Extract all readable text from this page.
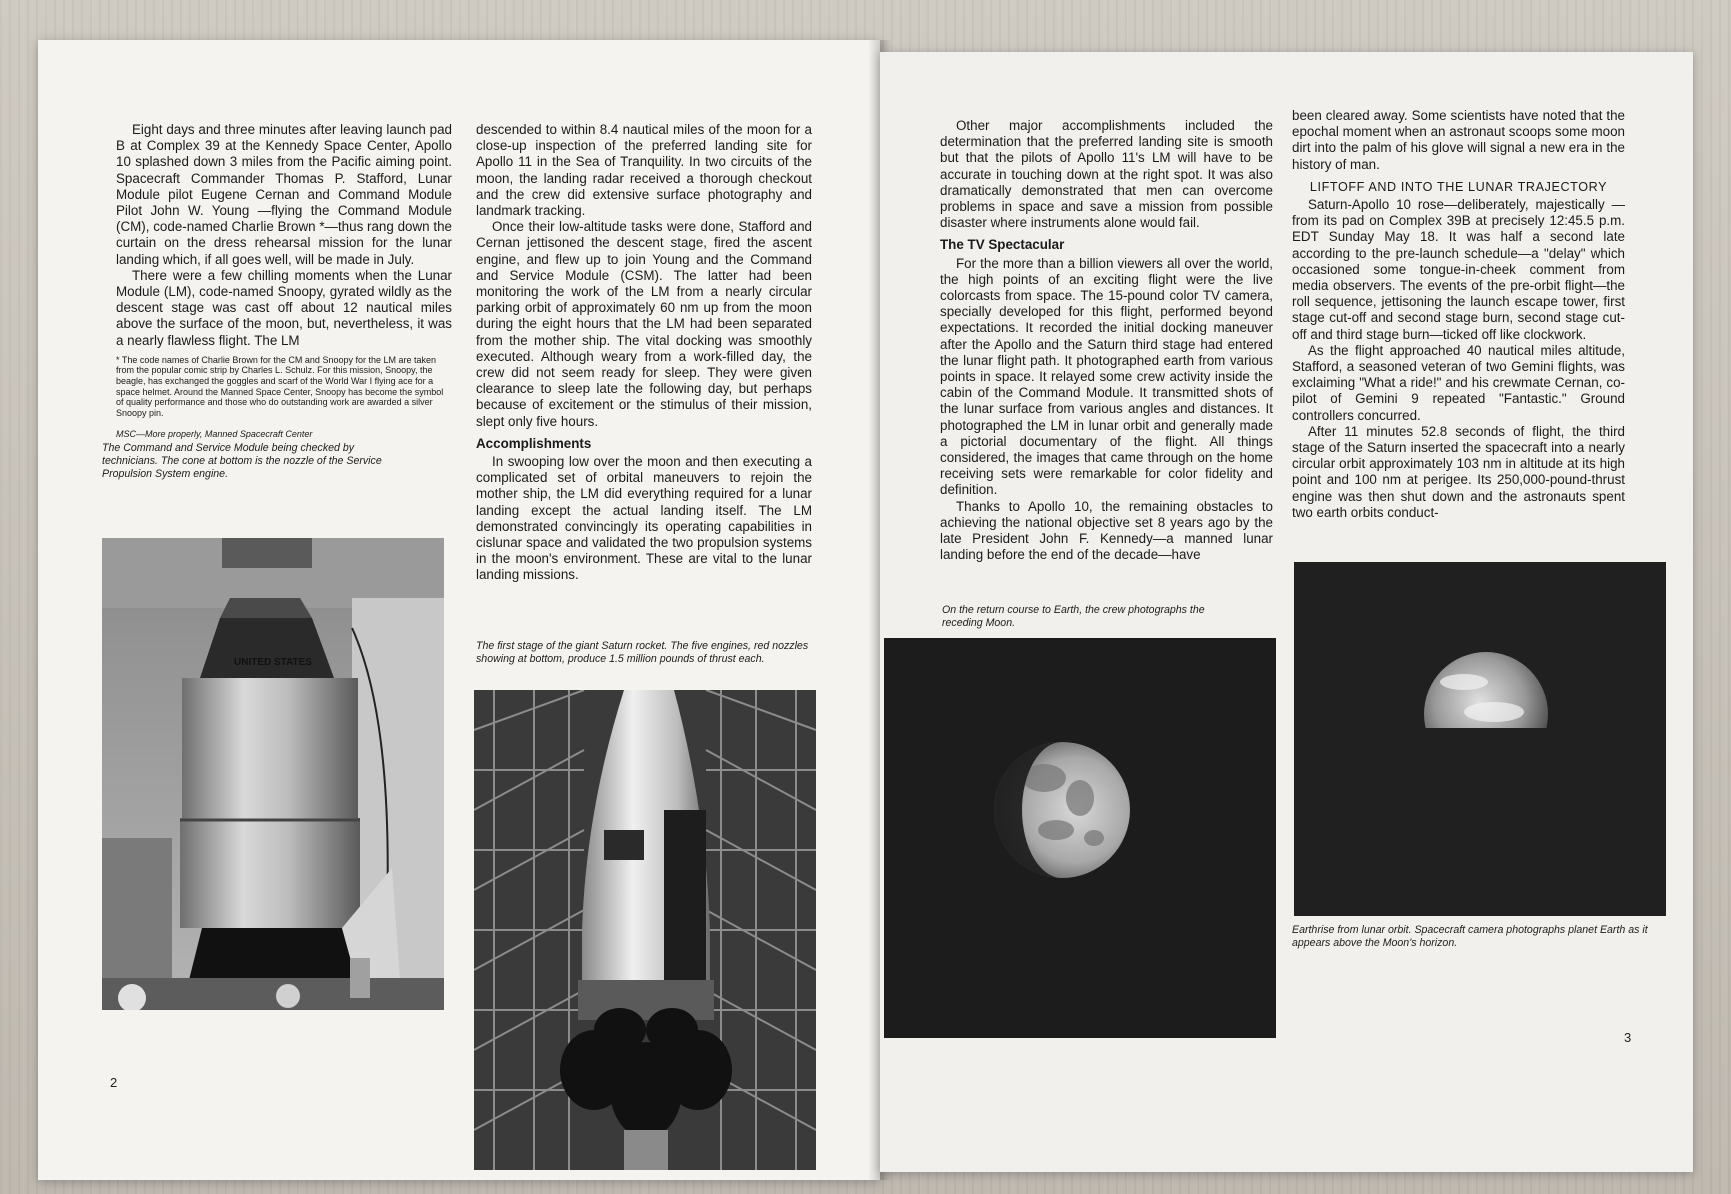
Eight days and three minutes after leaving launch pad B at Complex 39 at the Kennedy Space Center, Apollo 10 splashed down 3 miles from the Pacific aiming point. Spacecraft Commander Thomas P. Stafford, Lunar Module pilot Eugene Cernan and Command Module Pilot John W. Young —flying the Command Module (CM), code-named Charlie Brown *—thus rang down the curtain on the dress rehearsal mission for the lunar landing which, if all goes well, will be made in July.

There were a few chilling moments when the Lunar Module (LM), code-named Snoopy, gyrated wildly as the descent stage was cast off about 12 nautical miles above the surface of the moon, but, nevertheless, it was a nearly flawless flight. The LM

* The code names of Charlie Brown for the CM and Snoopy for the LM are taken from the popular comic strip by Charles L. Schulz. For this mission, Snoopy, the beagle, has exchanged the goggles and scarf of the World War I flying ace for a space helmet. Around the Manned Space Center, Snoopy has become the symbol of quality performance and those who do outstanding work are awarded a silver Snoopy pin.
MSC—More properly, Manned Spacecraft Center
The Command and Service Module being checked by technicians. The cone at bottom is the nozzle of the Service Propulsion System engine.
UNITED STATES
2

descended to within 8.4 nautical miles of the moon for a close-up inspection of the preferred landing site for Apollo 11 in the Sea of Tranquility. In two circuits of the moon, the landing radar received a thorough checkout and the crew did extensive surface photography and landmark tracking.

Once their low-altitude tasks were done, Stafford and Cernan jettisoned the descent stage, fired the ascent engine, and flew up to join Young and the Command and Service Module (CSM). The latter had been monitoring the work of the LM from a nearly circular parking orbit of approximately 60 nm up from the moon during the eight hours that the LM had been separated from the mother ship. The vital docking was smoothly executed. Although weary from a work-filled day, the crew did not seem ready for sleep. They were given clearance to sleep late the following day, but perhaps because of excitement or the stimulus of their mission, slept only five hours.

Accomplishments

In swooping low over the moon and then executing a complicated set of orbital maneuvers to rejoin the mother ship, the LM did everything required for a lunar landing except the actual landing itself. The LM demonstrated convincingly its operating capabilities in cislunar space and validated the two propulsion systems in the moon's environment. These are vital to the lunar landing missions.

The first stage of the giant Saturn rocket. The five engines, red nozzles showing at bottom, produce 1.5 million pounds of thrust each.

Other major accomplishments included the determination that the preferred landing site is smooth but that the pilots of Apollo 11's LM will have to be accurate in touching down at the right spot. It was also dramatically demonstrated that men can overcome problems in space and save a mission from possible disaster where instruments alone would fail.

The TV Spectacular

For the more than a billion viewers all over the world, the high points of an exciting flight were the live colorcasts from space. The 15-pound color TV camera, specially developed for this flight, performed beyond expectations. It recorded the initial docking maneuver after the Apollo and the Saturn third stage had entered the lunar flight path. It photographed earth from various points in space. It relayed some crew activity inside the cabin of the Command Module. It transmitted shots of the lunar surface from various angles and distances. It photographed the LM in lunar orbit and generally made a pictorial documentary of the flight. All things considered, the images that came through on the home receiving sets were remarkable for color fidelity and definition.

Thanks to Apollo 10, the remaining obstacles to achieving the national objective set 8 years ago by the late President John F. Kennedy—a manned lunar landing before the end of the decade—have

On the return course to Earth, the crew photographs the receding Moon.

been cleared away. Some scientists have noted that the epochal moment when an astronaut scoops some moon dirt into the palm of his glove will signal a new era in the history of man.

LIFTOFF AND INTO THE LUNAR TRAJECTORY

Saturn-Apollo 10 rose—deliberately, majestically —from its pad on Complex 39B at precisely 12:45.5 p.m. EDT Sunday May 18. It was half a second late according to the pre-launch schedule—a "delay" which occasioned some tongue-in-cheek comment from media observers. The events of the pre-orbit flight—the roll sequence, jettisoning the launch escape tower, first stage cut-off and second stage burn, second stage cut-off and third stage burn—ticked off like clockwork.

As the flight approached 40 nautical miles altitude, Stafford, a seasoned veteran of two Gemini flights, was exclaiming "What a ride!" and his crewmate Cernan, co-pilot of Gemini 9 repeated "Fantastic." Ground controllers concurred.

After 11 minutes 52.8 seconds of flight, the third stage of the Saturn inserted the spacecraft into a nearly circular orbit approximately 103 nm in altitude at its high point and 100 nm at perigee. Its 250,000-pound-thrust engine was then shut down and the astronauts spent two earth orbits conduct-

Earthrise from lunar orbit. Spacecraft camera photographs planet Earth as it appears above the Moon's horizon.
3
